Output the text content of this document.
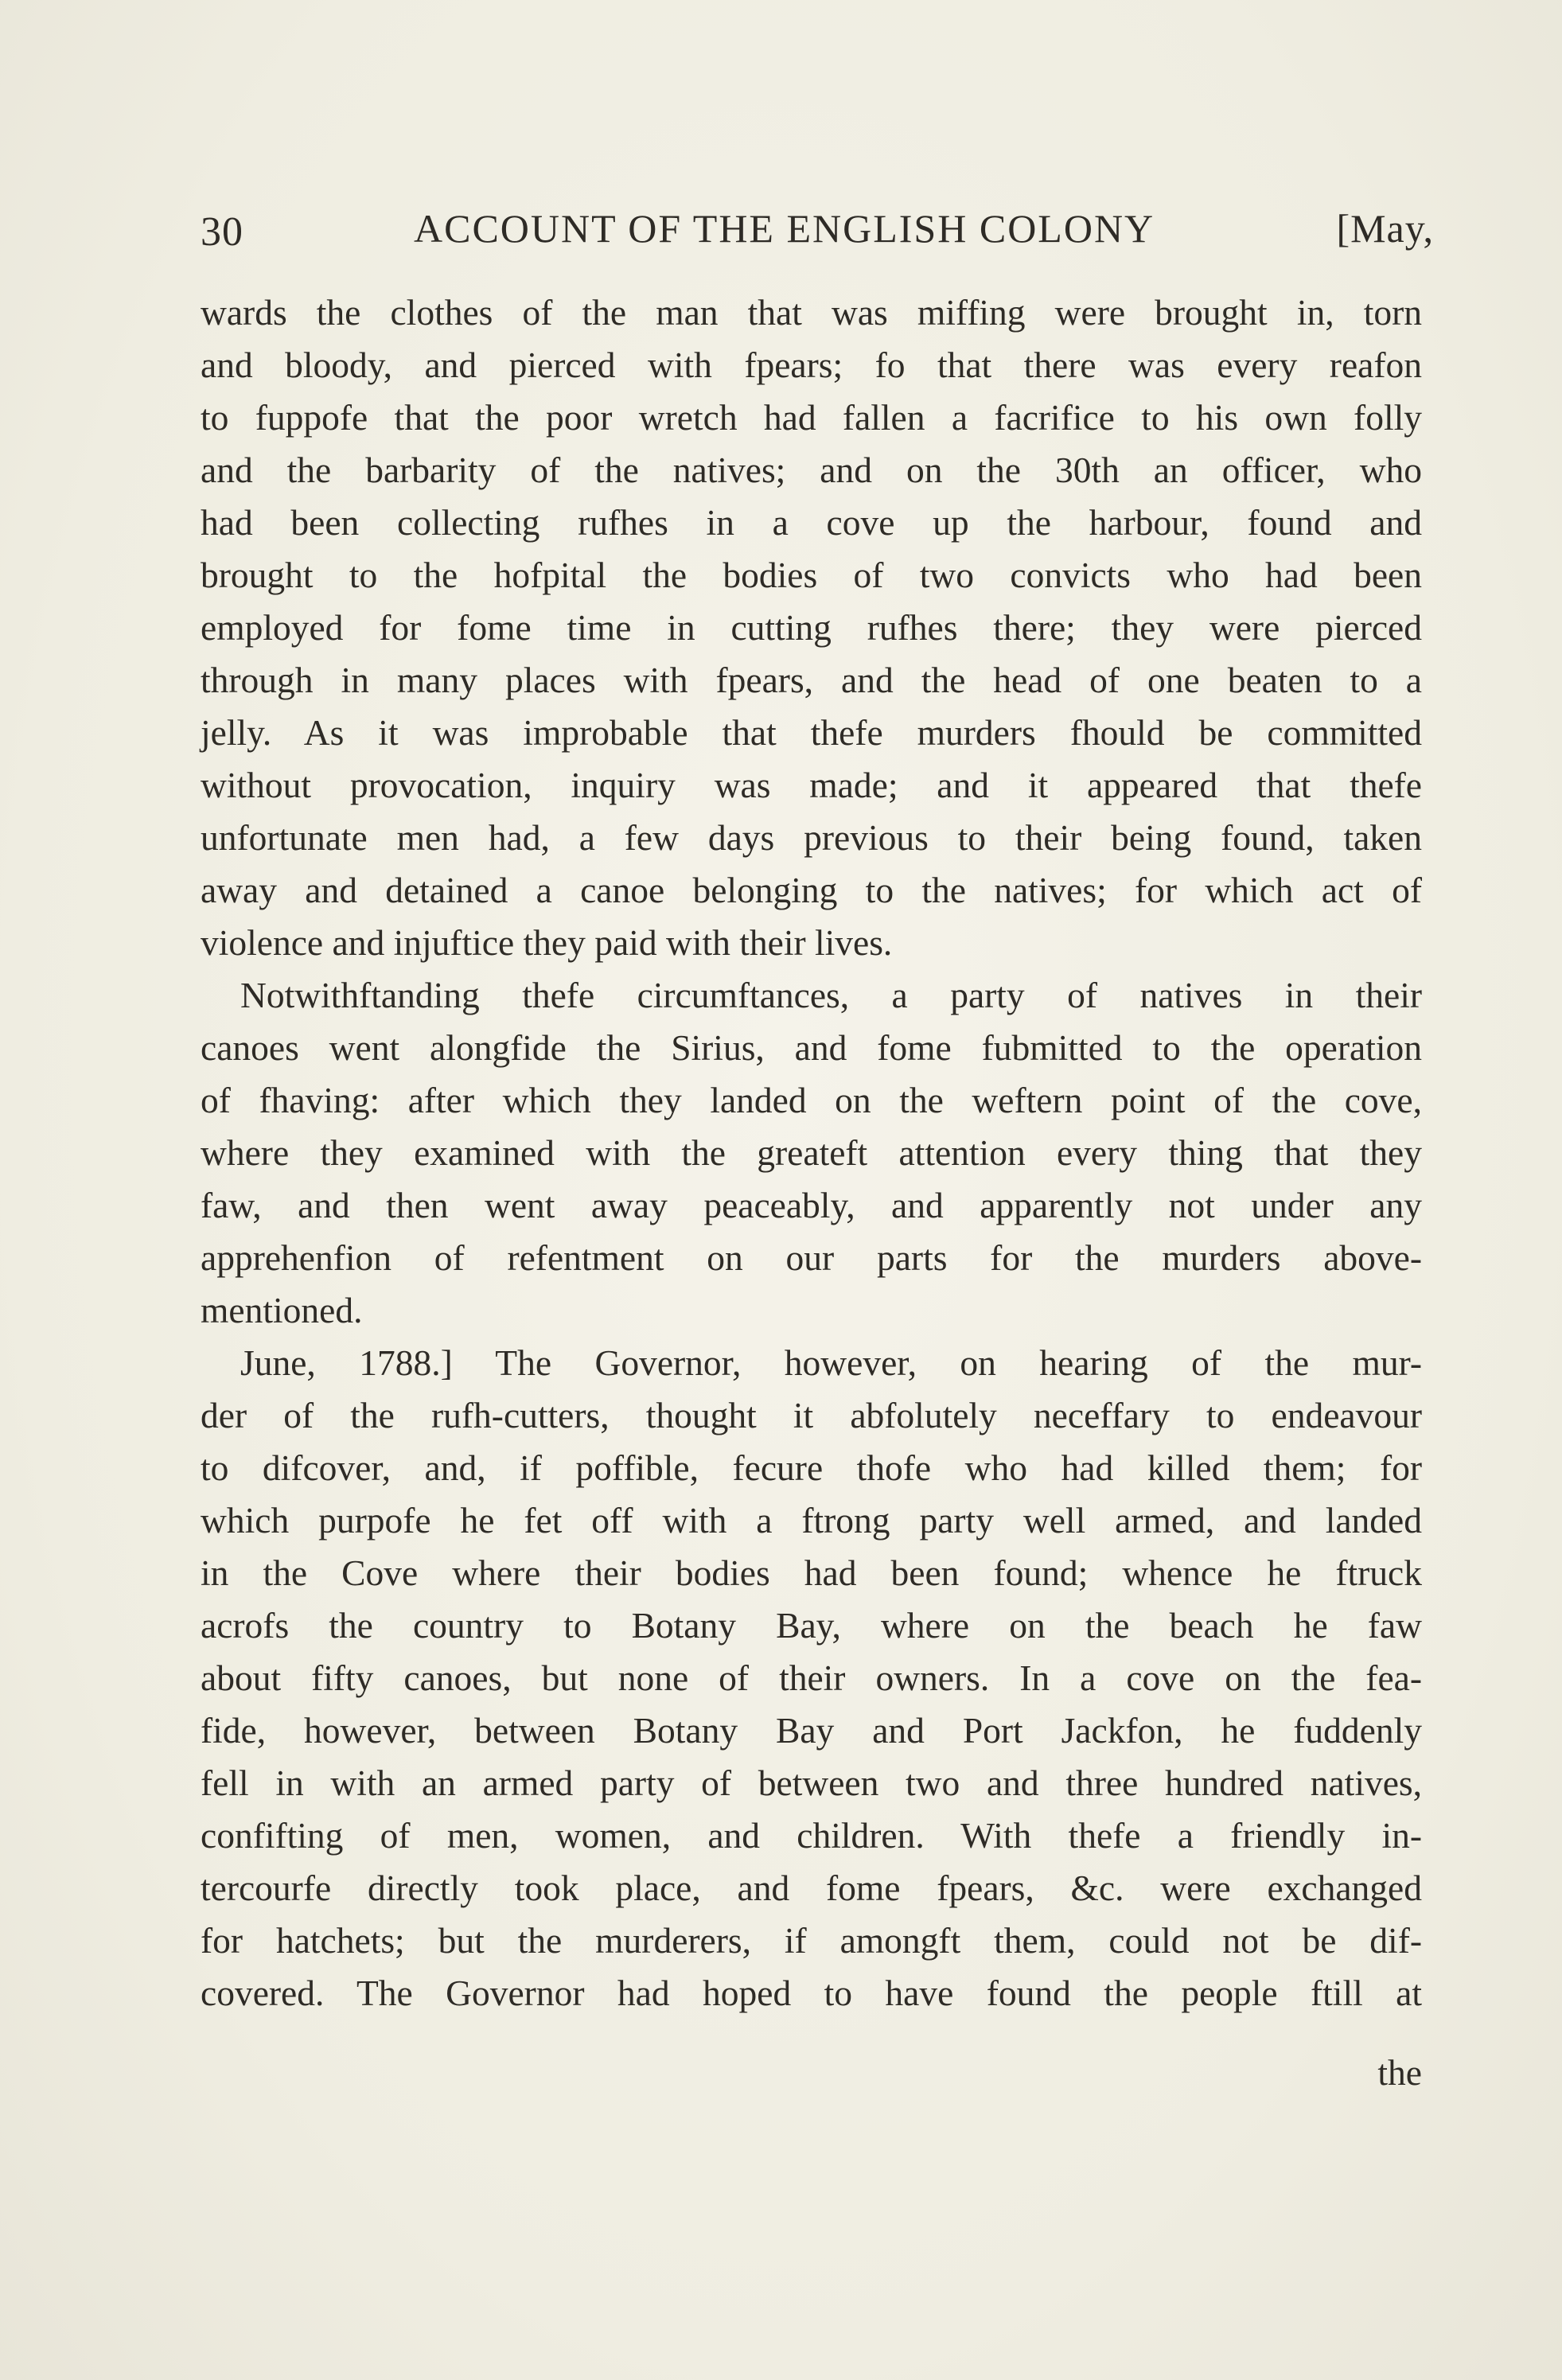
30	ACCOUNT OF THE ENGLISH COLONY	[May,
wards the clothes of the man that was miffing were brought in, torn
and bloody, and pierced with fpears; fo that there was every reafon
to fuppofe that the poor wretch had fallen a facrifice to his own folly
and the barbarity of the natives; and on the 30th an officer, who
had been collecting rufhes in a cove up the harbour, found and
brought to the hofpital the bodies of two convicts who had been
employed for fome time in cutting rufhes there; they were pierced
through in many places with fpears, and the head of one beaten to a
jelly. As it was improbable that thefe murders fhould be committed
without provocation, inquiry was made; and it appeared that thefe
unfortunate men had, a few days previous to their being found, taken
away and detained a canoe belonging to the natives; for which act of
violence and injuftice they paid with their lives.
Notwithftanding thefe circumftances, a party of natives in their
canoes went alongfide the Sirius, and fome fubmitted to the operation
of fhaving: after which they landed on the weftern point of the cove,
where they examined with the greateft attention every thing that they
faw, and then went away peaceably, and apparently not under any
apprehenfion of refentment on our parts for the murders above-
mentioned.
June, 1788.] The Governor, however, on hearing of the mur-
der of the rufh-cutters, thought it abfolutely neceffary to endeavour
to difcover, and, if poffible, fecure thofe who had killed them; for
which purpofe he fet off with a ftrong party well armed, and landed
in the Cove where their bodies had been found; whence he ftruck
acrofs the country to Botany Bay, where on the beach he faw
about fifty canoes, but none of their owners. In a cove on the fea-
fide, however, between Botany Bay and Port Jackfon, he fuddenly
fell in with an armed party of between two and three hundred natives,
confifting of men, women, and children. With thefe a friendly in-
tercourfe directly took place, and fome fpears, &c. were exchanged
for hatchets; but the murderers, if amongft them, could not be dif-
covered. The Governor had hoped to have found the people ftill at
the
